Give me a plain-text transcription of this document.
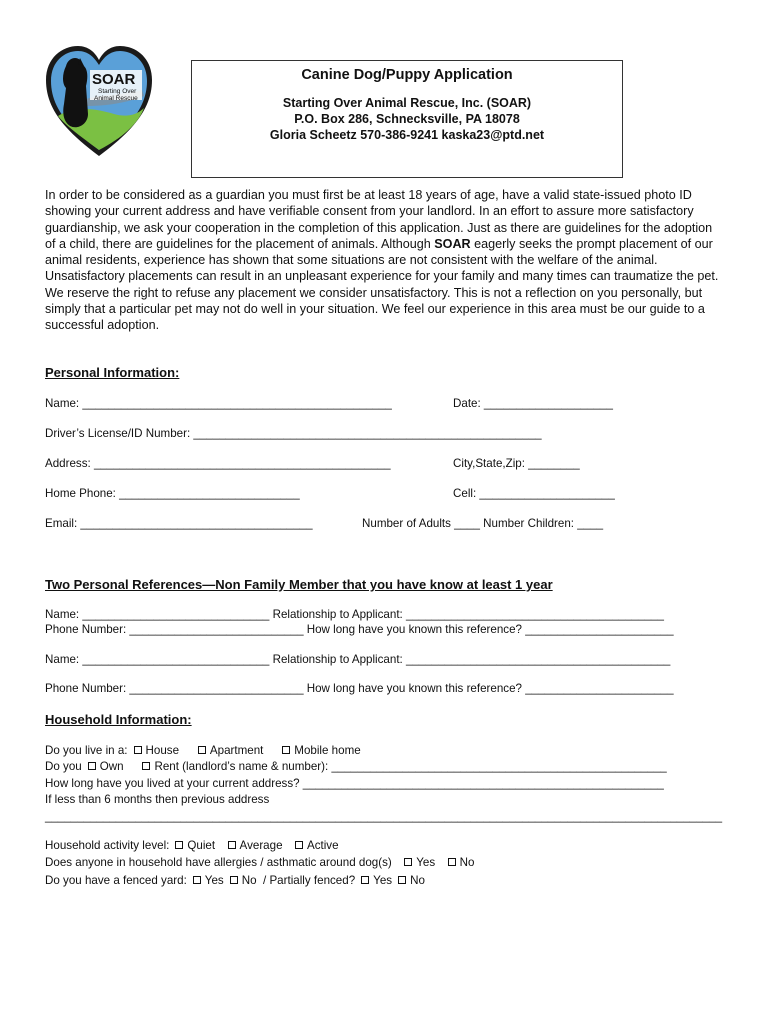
SOAR
Starting Over
Animal Rescue
Canine Dog/Puppy Application
Starting Over Animal Rescue, Inc. (SOAR)
P.O. Box 286, Schnecksville, PA 18078
Gloria Scheetz 570-386-9241 kaska23@ptd.net
In order to be considered as a guardian you must first be at least 18 years of age, have a valid state-issued photo ID showing your current address and have verifiable consent from your landlord. In an effort to assure more satisfactory guardianship, we ask your cooperation in the completion of this application. Just as there are guidelines for the adoption of a child, there are guidelines for the placement of animals. Although SOAR eagerly seeks the prompt placement of our animal residents, experience has shown that some situations are not consistent with the welfare of the animal. Unsatisfactory placements can result in an unpleasant experience for your family and many times can traumatize the pet. We reserve the right to refuse any placement we consider unsatisfactory. This is not a reflection on you personally, but simply that a particular pet may not do well in your situation. We feel our experience in this area must be our guide to a successful adoption.
Personal Information:
Name: ________________________________________________	Date: ____________________
Driver’s License/ID Number: ______________________________________________________
Address: ______________________________________________	City,State,Zip: ________
Home Phone: ____________________________	Cell: _____________________
Email: ____________________________________	Number of Adults ____ Number Children: ____
Two Personal References—Non Family Member that you have know at least 1 year
Name: _____________________________ Relationship to Applicant: ________________________________________
Phone Number: ___________________________ How long have you known this reference? _______________________
Name: _____________________________ Relationship to Applicant: _________________________________________
Phone Number: ___________________________ How long have you known this reference? _______________________
Household Information:
Do you live in a: House	Apartment	Mobile home
Do you Own	Rent (landlord’s name & number): ____________________________________________________
How long have you lived at your current address? ________________________________________________________
If less than 6 months then previous address
_________________________________________________________________________________________________________
Household activity level: Quiet Average Active
Does anyone in household have allergies / asthmatic around dog(s) Yes No
Do you have a fenced yard: Yes No / Partially fenced? Yes No
